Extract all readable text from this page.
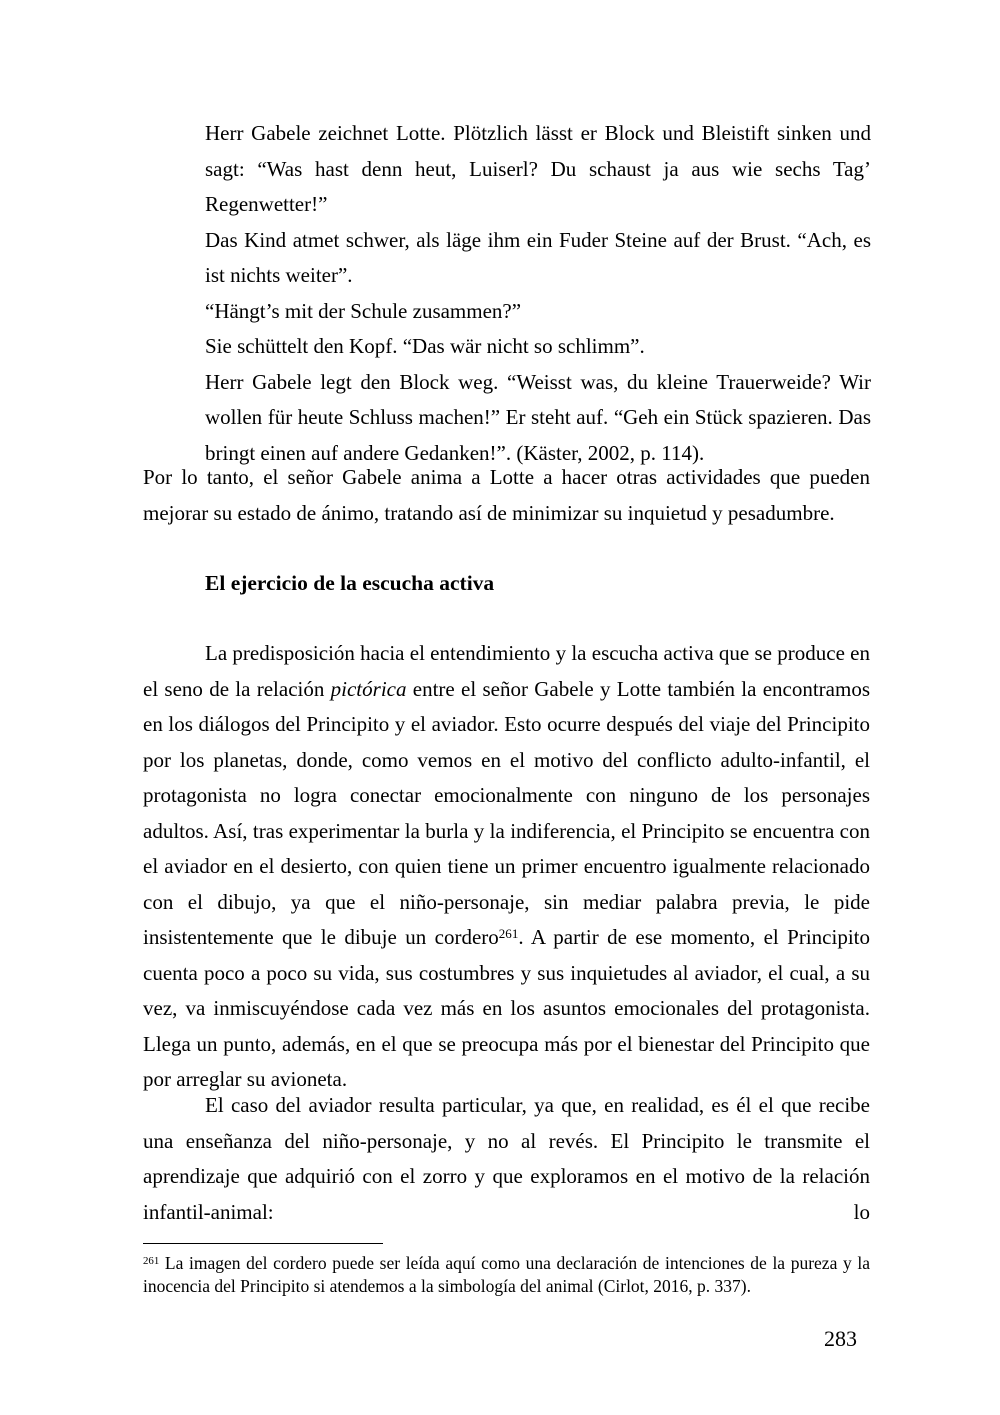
Herr Gabele zeichnet Lotte. Plötzlich lässt er Block und Bleistift sinken und sagt: “Was hast denn heut, Luiserl? Du schaust ja aus wie sechs Tag’ Regenwetter!”
Das Kind atmet schwer, als läge ihm ein Fuder Steine auf der Brust. “Ach, es ist nichts weiter”.
“Hängt’s mit der Schule zusammen?”
Sie schüttelt den Kopf. “Das wär nicht so schlimm”.
Herr Gabele legt den Block weg. “Weisst was, du kleine Trauerweide? Wir wollen für heute Schluss machen!” Er steht auf. “Geh ein Stück spazieren. Das bringt einen auf andere Gedanken!”. (Käster, 2002, p. 114).
Por lo tanto, el señor Gabele anima a Lotte a hacer otras actividades que pueden mejorar su estado de ánimo, tratando así de minimizar su inquietud y pesadumbre.
El ejercicio de la escucha activa
La predisposición hacia el entendimiento y la escucha activa que se produce en el seno de la relación pictórica entre el señor Gabele y Lotte también la encontramos en los diálogos del Principito y el aviador. Esto ocurre después del viaje del Principito por los planetas, donde, como vemos en el motivo del conflicto adulto-infantil, el protagonista no logra conectar emocionalmente con ninguno de los personajes adultos. Así, tras experimentar la burla y la indiferencia, el Principito se encuentra con el aviador en el desierto, con quien tiene un primer encuentro igualmente relacionado con el dibujo, ya que el niño-personaje, sin mediar palabra previa, le pide insistentemente que le dibuje un cordero$^{261}$. A partir de ese momento, el Principito cuenta poco a poco su vida, sus costumbres y sus inquietudes al aviador, el cual, a su vez, va inmiscuyéndose cada vez más en los asuntos emocionales del protagonista. Llega un punto, además, en el que se preocupa más por el bienestar del Principito que por arreglar su avioneta.
El caso del aviador resulta particular, ya que, en realidad, es él el que recibe una enseñanza del niño-personaje, y no al revés. El Principito le transmite el aprendizaje que adquirió con el zorro y que exploramos en el motivo de la relación infantil-animal: lo
$^{261}$ La imagen del cordero puede ser leída aquí como una declaración de intenciones de la pureza y la inocencia del Principito si atendemos a la simbología del animal (Cirlot, 2016, p. 337).
283
